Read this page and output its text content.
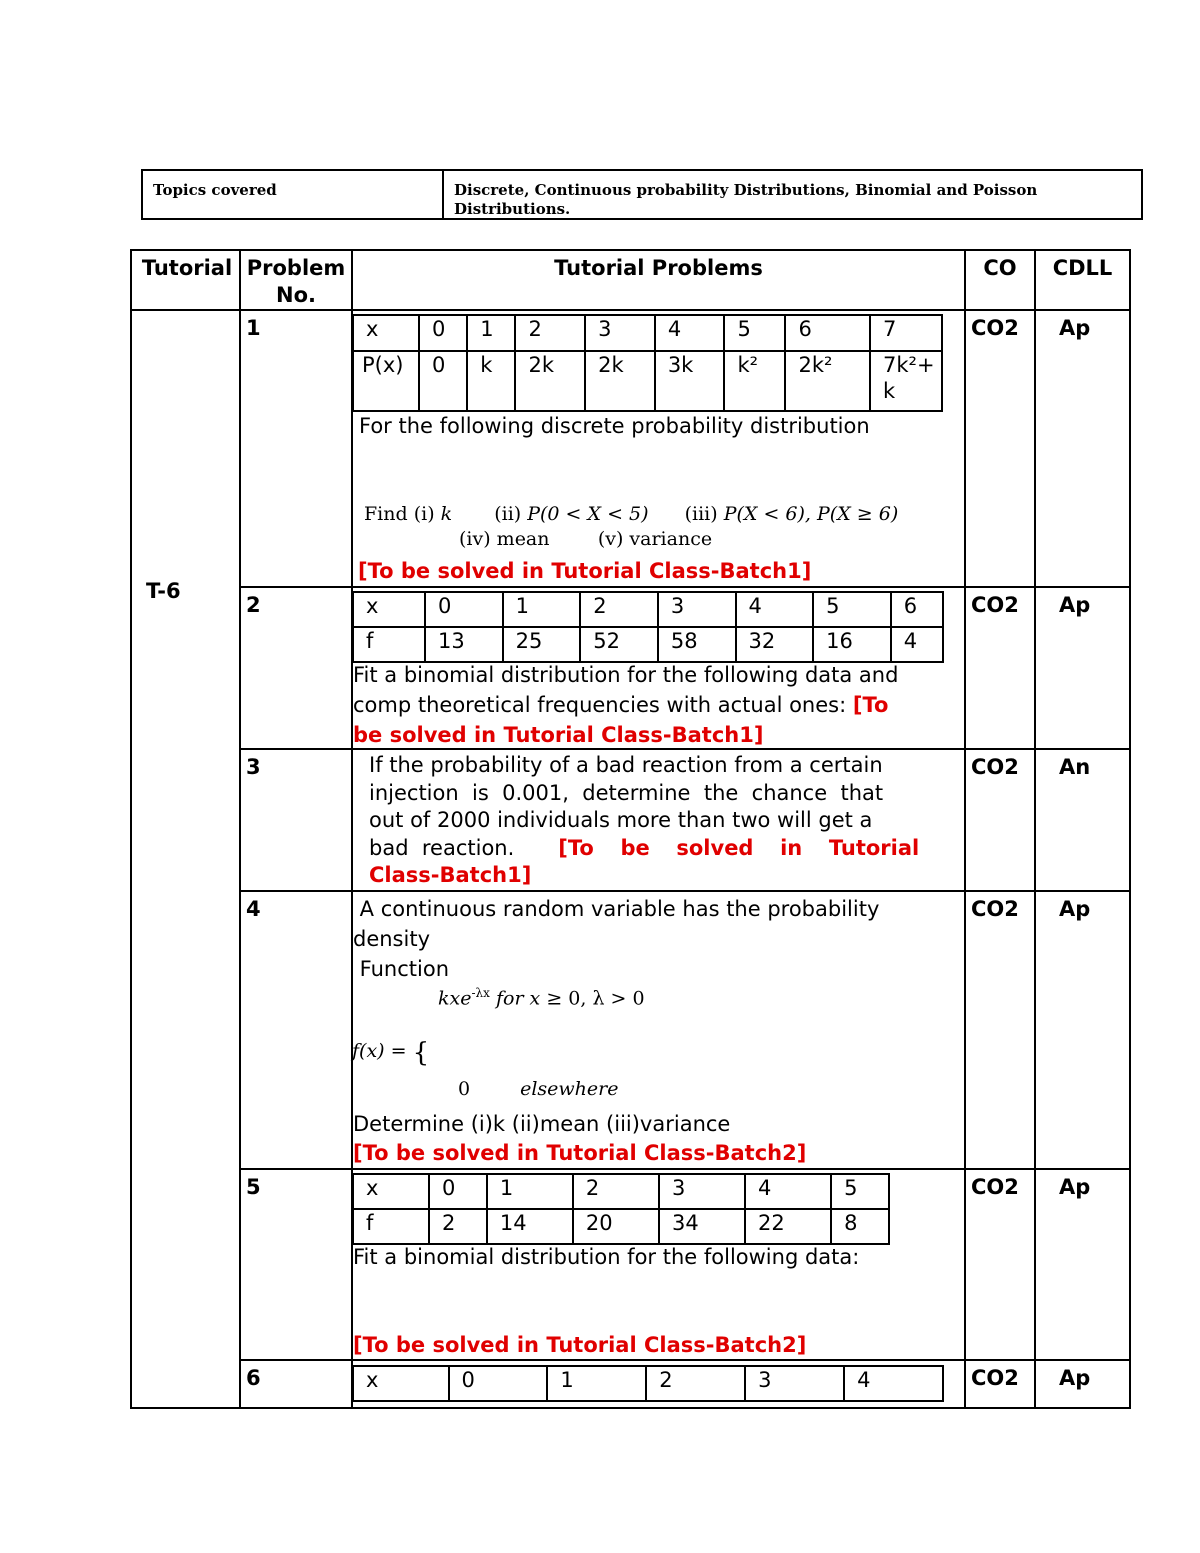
Topics covered	Discrete, Continuous probability Distributions, Binomial and Poisson Distributions.
Tutorial Problem
No.
Tutorial Problems	CO	CDLL
T-6
1	CO2 Ap
x	0	1	2	3	4	5	6	7
P(x)	0	k	2k	2k	3k	k²	2k²	7k²+ k
For the following discrete probability distribution
Find (i) k (ii) P(0 < X < 5) (iii) P(X < 6), P(X ≥ 6)
(iv) mean        (v) variance
[To be solved in Tutorial Class-Batch1]
2	CO2 Ap
x	0	1	2	3	4	5	6
f	13	25	52	58	32	16	4
Fit a binomial distribution for the following data and
comp theoretical frequencies with actual ones: [To
be solved in Tutorial Class-Batch1]
3	CO2 An
If the probability of a bad reaction from a certain
injection  is  0.001,  determine  the  chance  that
out of 2000 individuals more than two will get a
bad  reaction. [To  be  solved  in  Tutorial
Class-Batch1]
4	CO2 Ap
A continuous random variable has the probability
density
Function
kxe$^{-\lambda x}$ for x ≥ 0, λ > 0
f(x) = {
0	elsewhere
Determine (i)k (ii)mean (iii)variance
[To be solved in Tutorial Class-Batch2]
5	CO2 Ap
x	0	1	2	3	4	5
f	2	14	20	34	22	8
Fit a binomial distribution for the following data:
[To be solved in Tutorial Class-Batch2]
6	CO2 Ap
x	0	1	2	3	4
